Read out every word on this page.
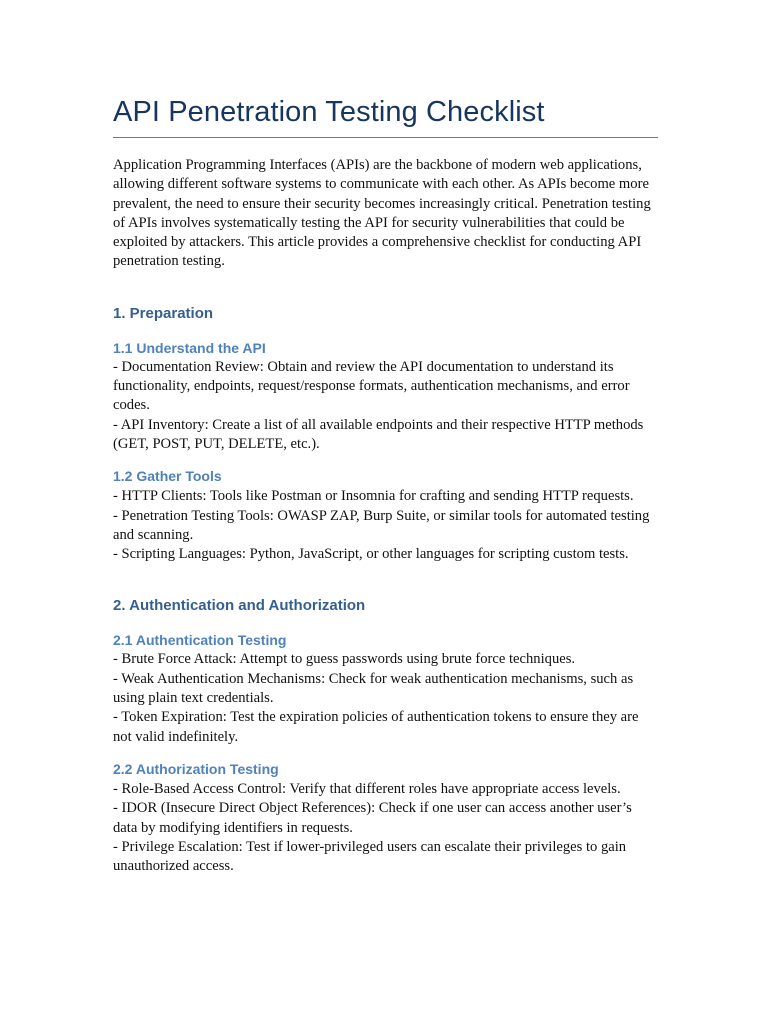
API Penetration Testing Checklist

Application Programming Interfaces (APIs) are the backbone of modern web applications, allowing different software systems to communicate with each other. As APIs become more prevalent, the need to ensure their security becomes increasingly critical. Penetration testing of APIs involves systematically testing the API for security vulnerabilities that could be exploited by attackers. This article provides a comprehensive checklist for conducting API penetration testing.

1. Preparation
1.1 Understand the API

- Documentation Review: Obtain and review the API documentation to understand its functionality, endpoints, request/response formats, authentication mechanisms, and error codes.
- API Inventory: Create a list of all available endpoints and their respective HTTP methods (GET, POST, PUT, DELETE, etc.).

1.2 Gather Tools

- HTTP Clients: Tools like Postman or Insomnia for crafting and sending HTTP requests.
- Penetration Testing Tools: OWASP ZAP, Burp Suite, or similar tools for automated testing and scanning.
- Scripting Languages: Python, JavaScript, or other languages for scripting custom tests.

2. Authentication and Authorization
2.1 Authentication Testing

- Brute Force Attack: Attempt to guess passwords using brute force techniques.
- Weak Authentication Mechanisms: Check for weak authentication mechanisms, such as using plain text credentials.
- Token Expiration: Test the expiration policies of authentication tokens to ensure they are not valid indefinitely.

2.2 Authorization Testing

- Role-Based Access Control: Verify that different roles have appropriate access levels.
- IDOR (Insecure Direct Object References): Check if one user can access another user’s data by modifying identifiers in requests.
- Privilege Escalation: Test if lower-privileged users can escalate their privileges to gain unauthorized access.
